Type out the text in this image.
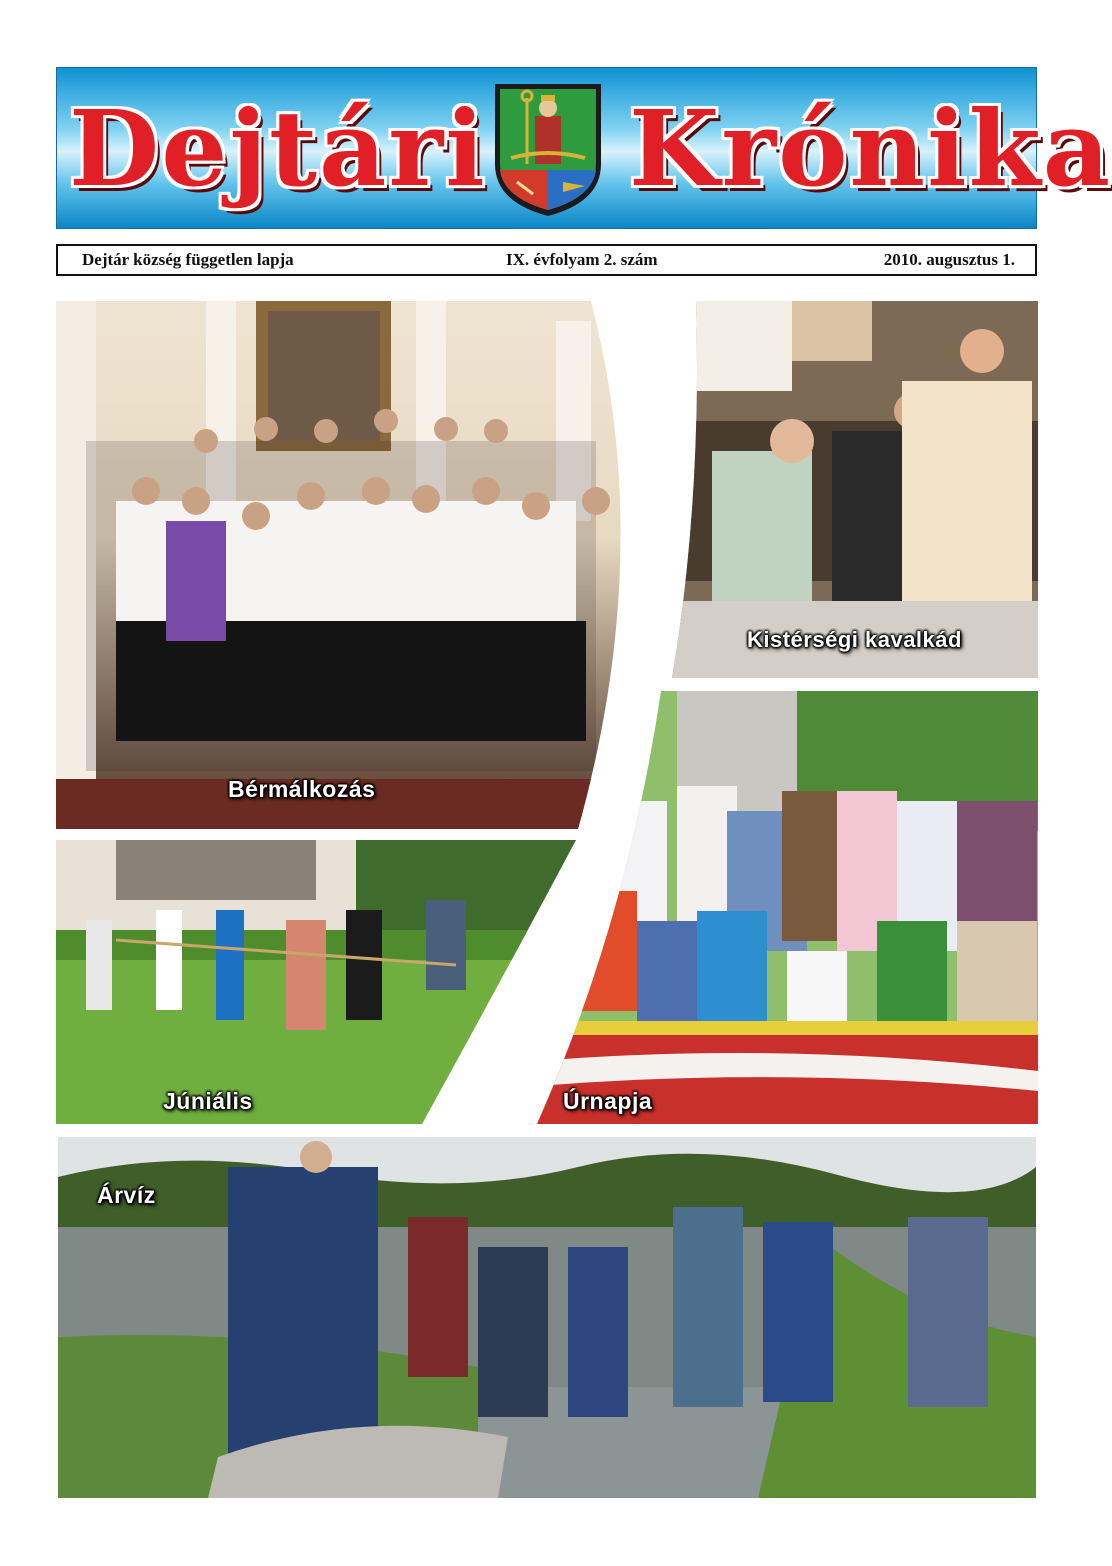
Dejtári Krónika
Dejtár község független lapja	IX. évfolyam 2. szám	2010. augusztus 1.
Bérmálkozás
Kistérségi kavalkád
Júniális	Úrnapja
Árvíz
